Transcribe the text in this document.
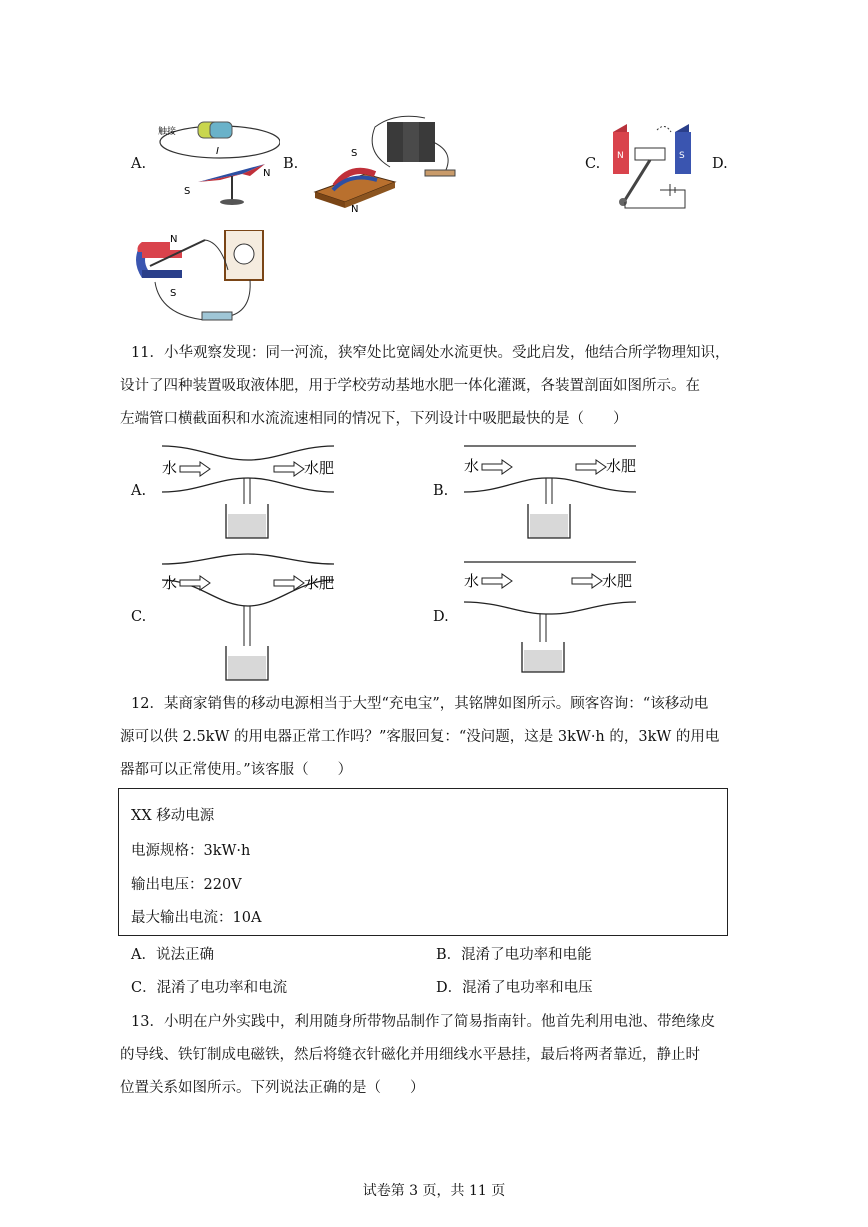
A.	B.	C.	D.
触接
I
S
N
S
N
N	S
N
S
11．小华观察发现：同一河流，狭窄处比宽阔处水流更快。受此启发，他结合所学物理知识，
设计了四种装置吸取液体肥，用于学校劳动基地水肥一体化灌溉，各装置剖面如图所示。在
左端管口横截面积和水流流速相同的情况下，下列设计中吸肥最快的是（　　）
A.	B.
C.	D.
水	水肥	水	水肥
水	水肥	水	水肥
12．某商家销售的移动电源相当于大型“充电宝”，其铭牌如图所示。顾客咨询：“该移动电
源可以供 2.5kW 的用电器正常工作吗？”客服回复：“没问题，这是 3kW·h 的，3kW 的用电
器都可以正常使用。”该客服（　　）
XX 移动电源
电源规格：3kW·h
输出电压：220V
最大输出电流：10A
A．说法正确	B．混淆了电功率和电能
C．混淆了电功率和电流	D．混淆了电功率和电压
13．小明在户外实践中，利用随身所带物品制作了简易指南针。他首先利用电池、带绝缘皮
的导线、铁钉制成电磁铁，然后将缝衣针磁化并用细线水平悬挂，最后将两者靠近，静止时
位置关系如图所示。下列说法正确的是（　　）
试卷第 3 页，共 11 页
